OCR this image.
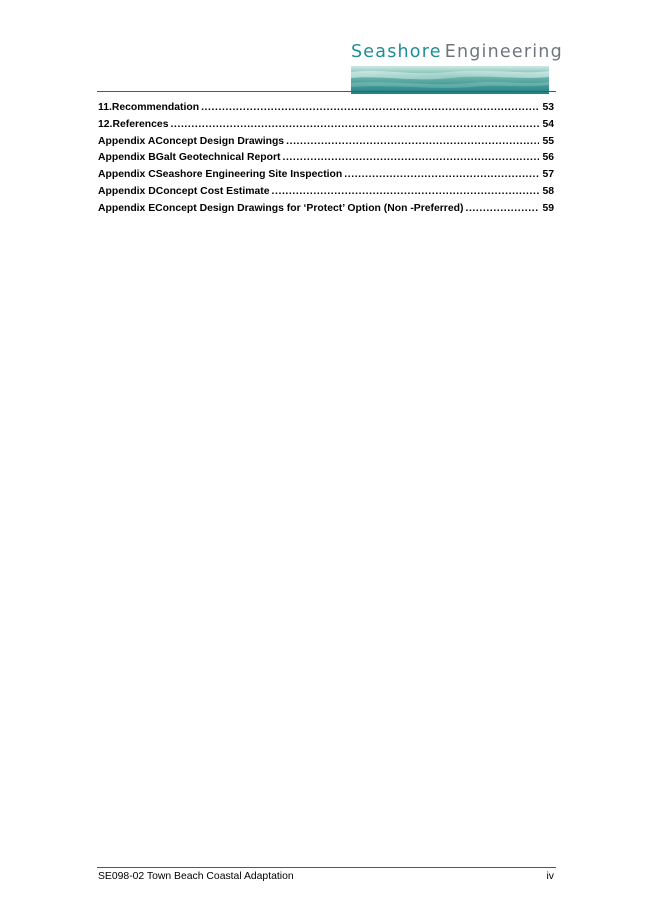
Seashore Engineering
11. Recommendation .....	53
12. References .....	54
Appendix A Concept Design Drawings .....	55
Appendix B Galt Geotechnical Report .....	56
Appendix C Seashore Engineering Site Inspection .....	57
Appendix D Concept Cost Estimate .....	58
Appendix E Concept Design Drawings for ‘Protect’ Option (Non -Preferred) .....	59
SE098-02 Town Beach Coastal Adaptation	iv
